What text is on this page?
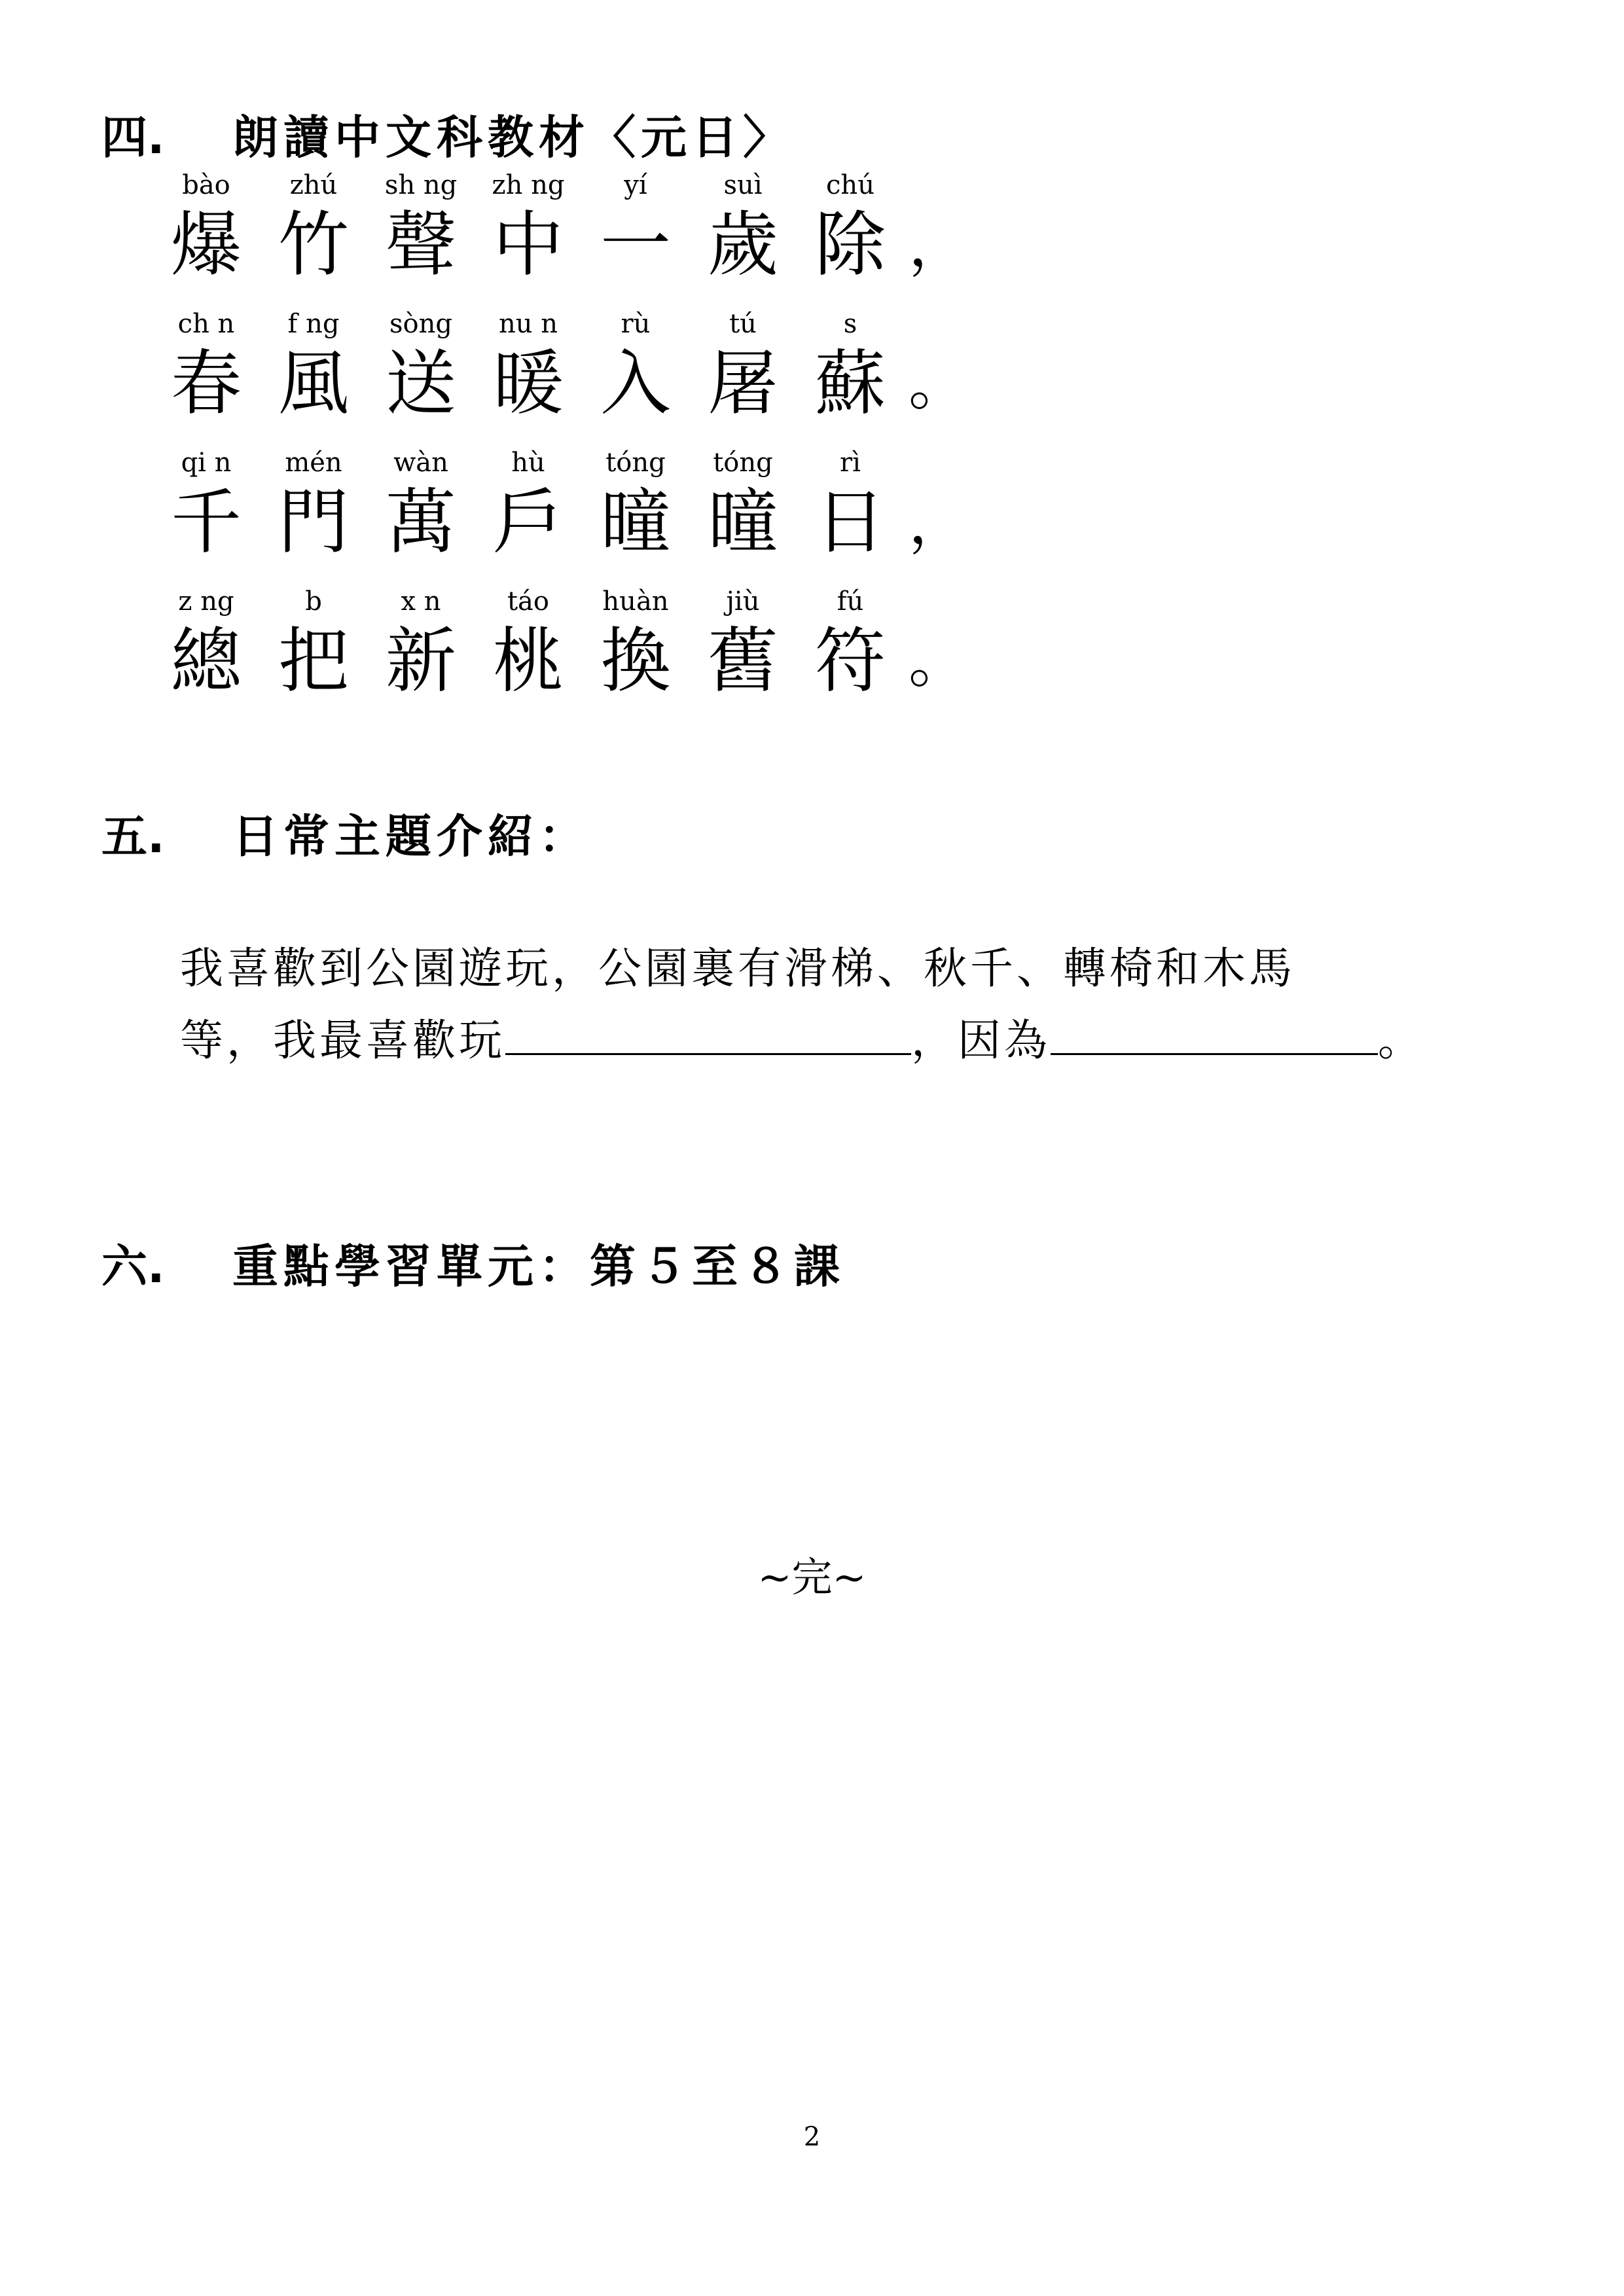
四. 朗讀中文科教材〈元日〉
bào
爆
zhú
竹
sh ng
聲
zh ng
中
yí
一
suì
歲
chú
除 ，
ch n
春
f ng
風
sòng
送
nu n
暖
rù
入
tú
屠
s
蘇 。
qi n
千
mén
門
wàn
萬
hù
戶
tóng
曈
tóng
曈
rì
日 ，
z ng
總
b
把
x n
新
táo
桃
huàn
換
jiù
舊
fú
符 。
五. 日常主題介紹：
我喜歡到公園遊玩，公園裏有滑梯、秋千、轉椅和木馬
等，我最喜歡玩	，因為	。
六. 重點學習單元：第５至８課
~完~
2
